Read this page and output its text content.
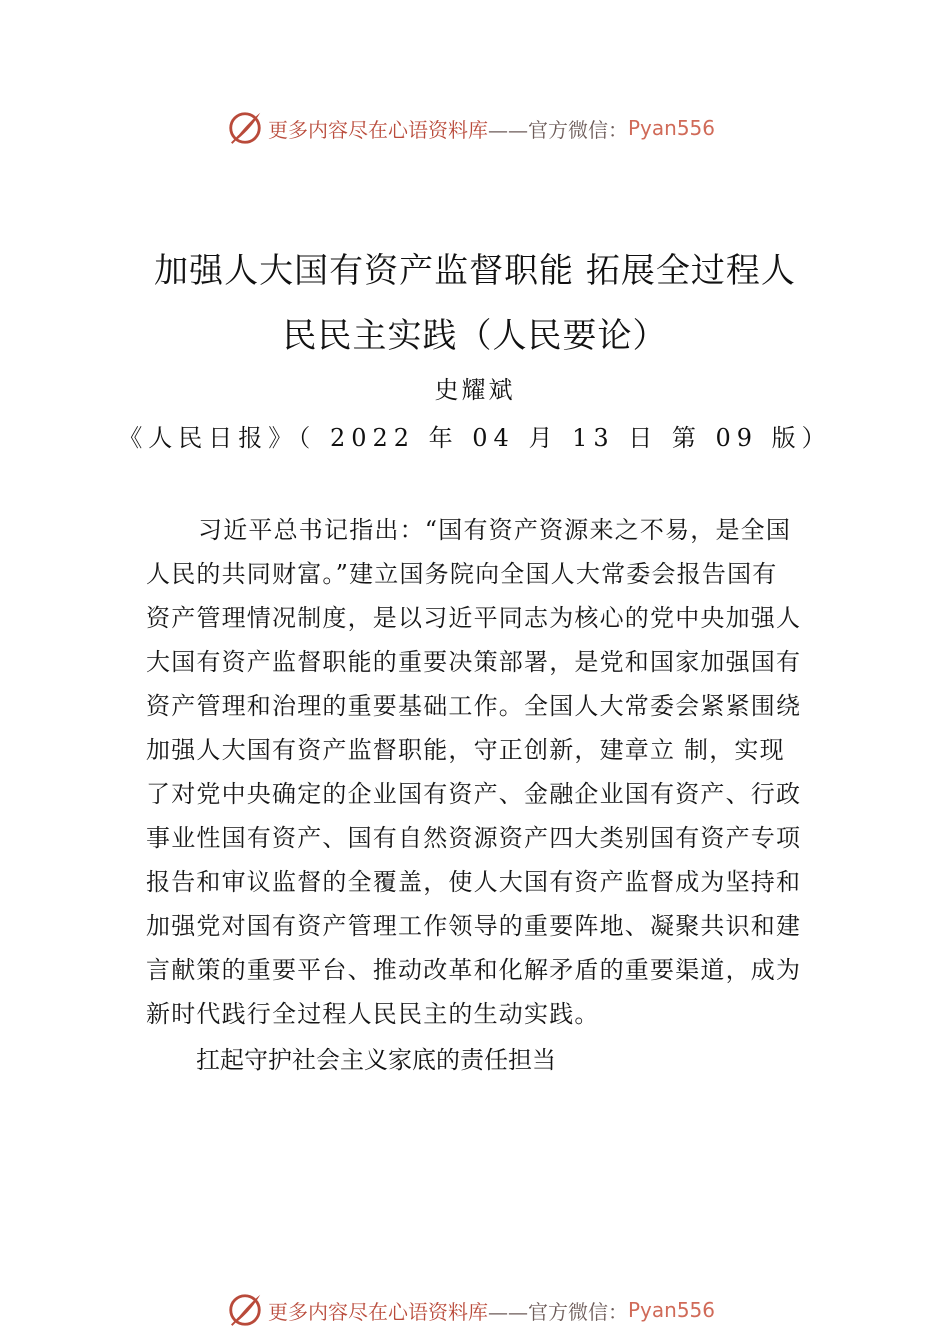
更多内容尽在心语资料库 ——官方微信： Pyan556
加强人大国有资产监督职能 拓展全过程人
民民主实践（人民要论）
史耀斌
《人民日报》（ 2022 年 04 月 13 日 第 09 版）
习近平总书记指出：“国有资产资源来之不易，是全国
人民的共同财富。”建立国务院向全国人大常委会报告国有
资产管理情况制度，是以习近平同志为核心的党中央加强人
大国有资产监督职能的重要决策部署，是党和国家加强国有
资产管理和治理的重要基础工作。全国人大常委会紧紧围绕
加强人大国有资产监督职能，守正创新，建章立 制，实现
了对党中央确定的企业国有资产、金融企业国有资产、行政
事业性国有资产、国有自然资源资产四大类别国有资产专项
报告和审议监督的全覆盖，使人大国有资产监督成为坚持和
加强党对国有资产管理工作领导的重要阵地、凝聚共识和建
言献策的重要平台、推动改革和化解矛盾的重要渠道，成为
新时代践行全过程人民民主的生动实践。
扛起守护社会主义家底的责任担当
更多内容尽在心语资料库 ——官方微信： Pyan556
